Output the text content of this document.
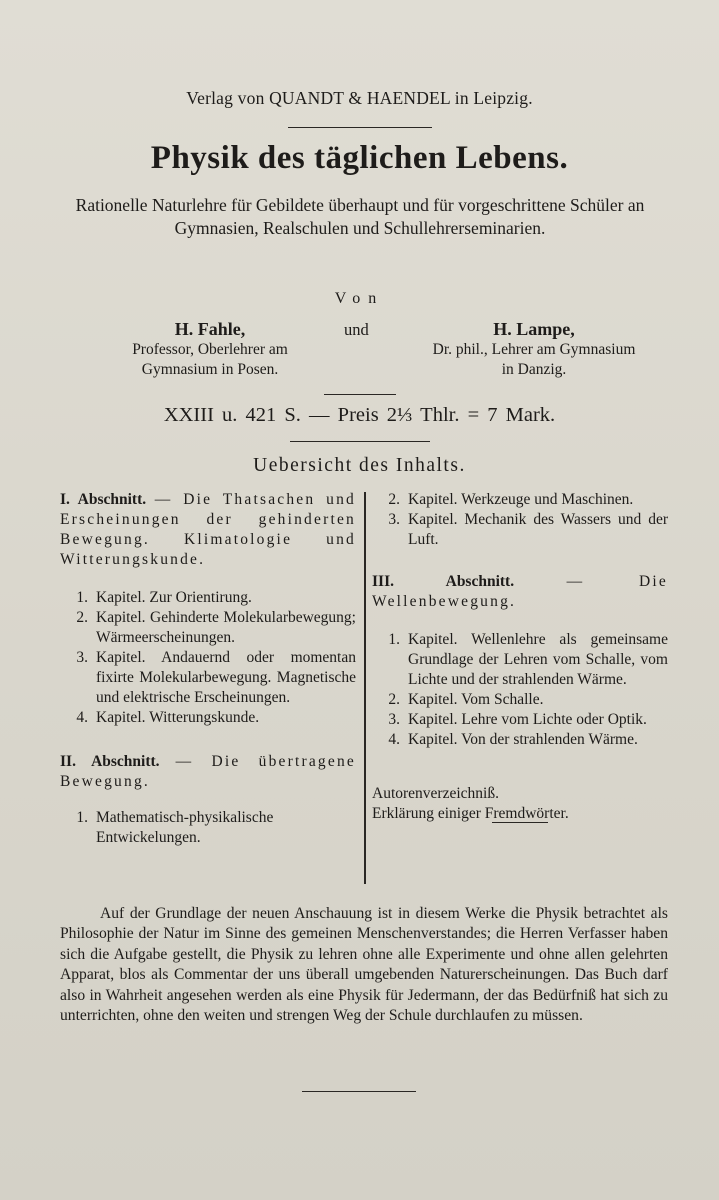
Verlag von QUANDT & HAENDEL in Leipzig.
Physik des täglichen Lebens.
Rationelle Naturlehre für Gebildete überhaupt und für vorgeschrittene Schüler an Gymnasien, Realschulen und Schullehrerseminarien.
Von
H. Fahle,
Professor, Oberlehrer am
Gymnasium in Posen.
und	H. Lampe,
Dr. phil., Lehrer am Gymnasium
in Danzig.
XXIII u. 421 S. — Preis 2⅓ Thlr. = 7 Mark.
Uebersicht des Inhalts.

I. Abschnitt. — Die Thatsachen und Erscheinungen der gehinderten Bewegung. Klimatologie und Witterungskunde.

1. Kapitel. Zur Orientirung.
2. Kapitel. Gehinderte Molekularbewegung; Wärmeerscheinungen.
3. Kapitel. Andauernd oder momentan fixirte Molekularbewegung. Magnetische und elektrische Erscheinungen.
4. Kapitel. Witterungskunde.

II. Abschnitt. — Die übertragene Bewegung.

1. Mathematisch-physikalische Entwickelungen.
2. Kapitel. Werkzeuge und Maschinen.
3. Kapitel. Mechanik des Wassers und der Luft.

III. Abschnitt.	— Die Wellenbewegung.

1. Kapitel. Wellenlehre als gemeinsame Grundlage der Lehren vom Schalle, vom Lichte und der strahlenden Wärme.
2. Kapitel. Vom Schalle.
3. Kapitel. Lehre vom Lichte oder Optik.
4. Kapitel. Von der strahlenden Wärme.

Autorenverzeichniß.

Erklärung einiger Fremdwörter.

Auf der Grundlage der neuen Anschauung ist in diesem Werke die Physik betrachtet als Philosophie der Natur im Sinne des gemeinen Menschenverstandes; die Herren Verfasser haben sich die Aufgabe gestellt, die Physik zu lehren ohne alle Experimente und ohne allen gelehrten Apparat, blos als Commentar der uns überall umgebenden Naturerscheinungen. Das Buch darf also in Wahrheit angesehen werden als eine Physik für Jedermann, der das Bedürfniß hat sich zu unterrichten, ohne den weiten und strengen Weg der Schule durchlaufen zu müssen.
